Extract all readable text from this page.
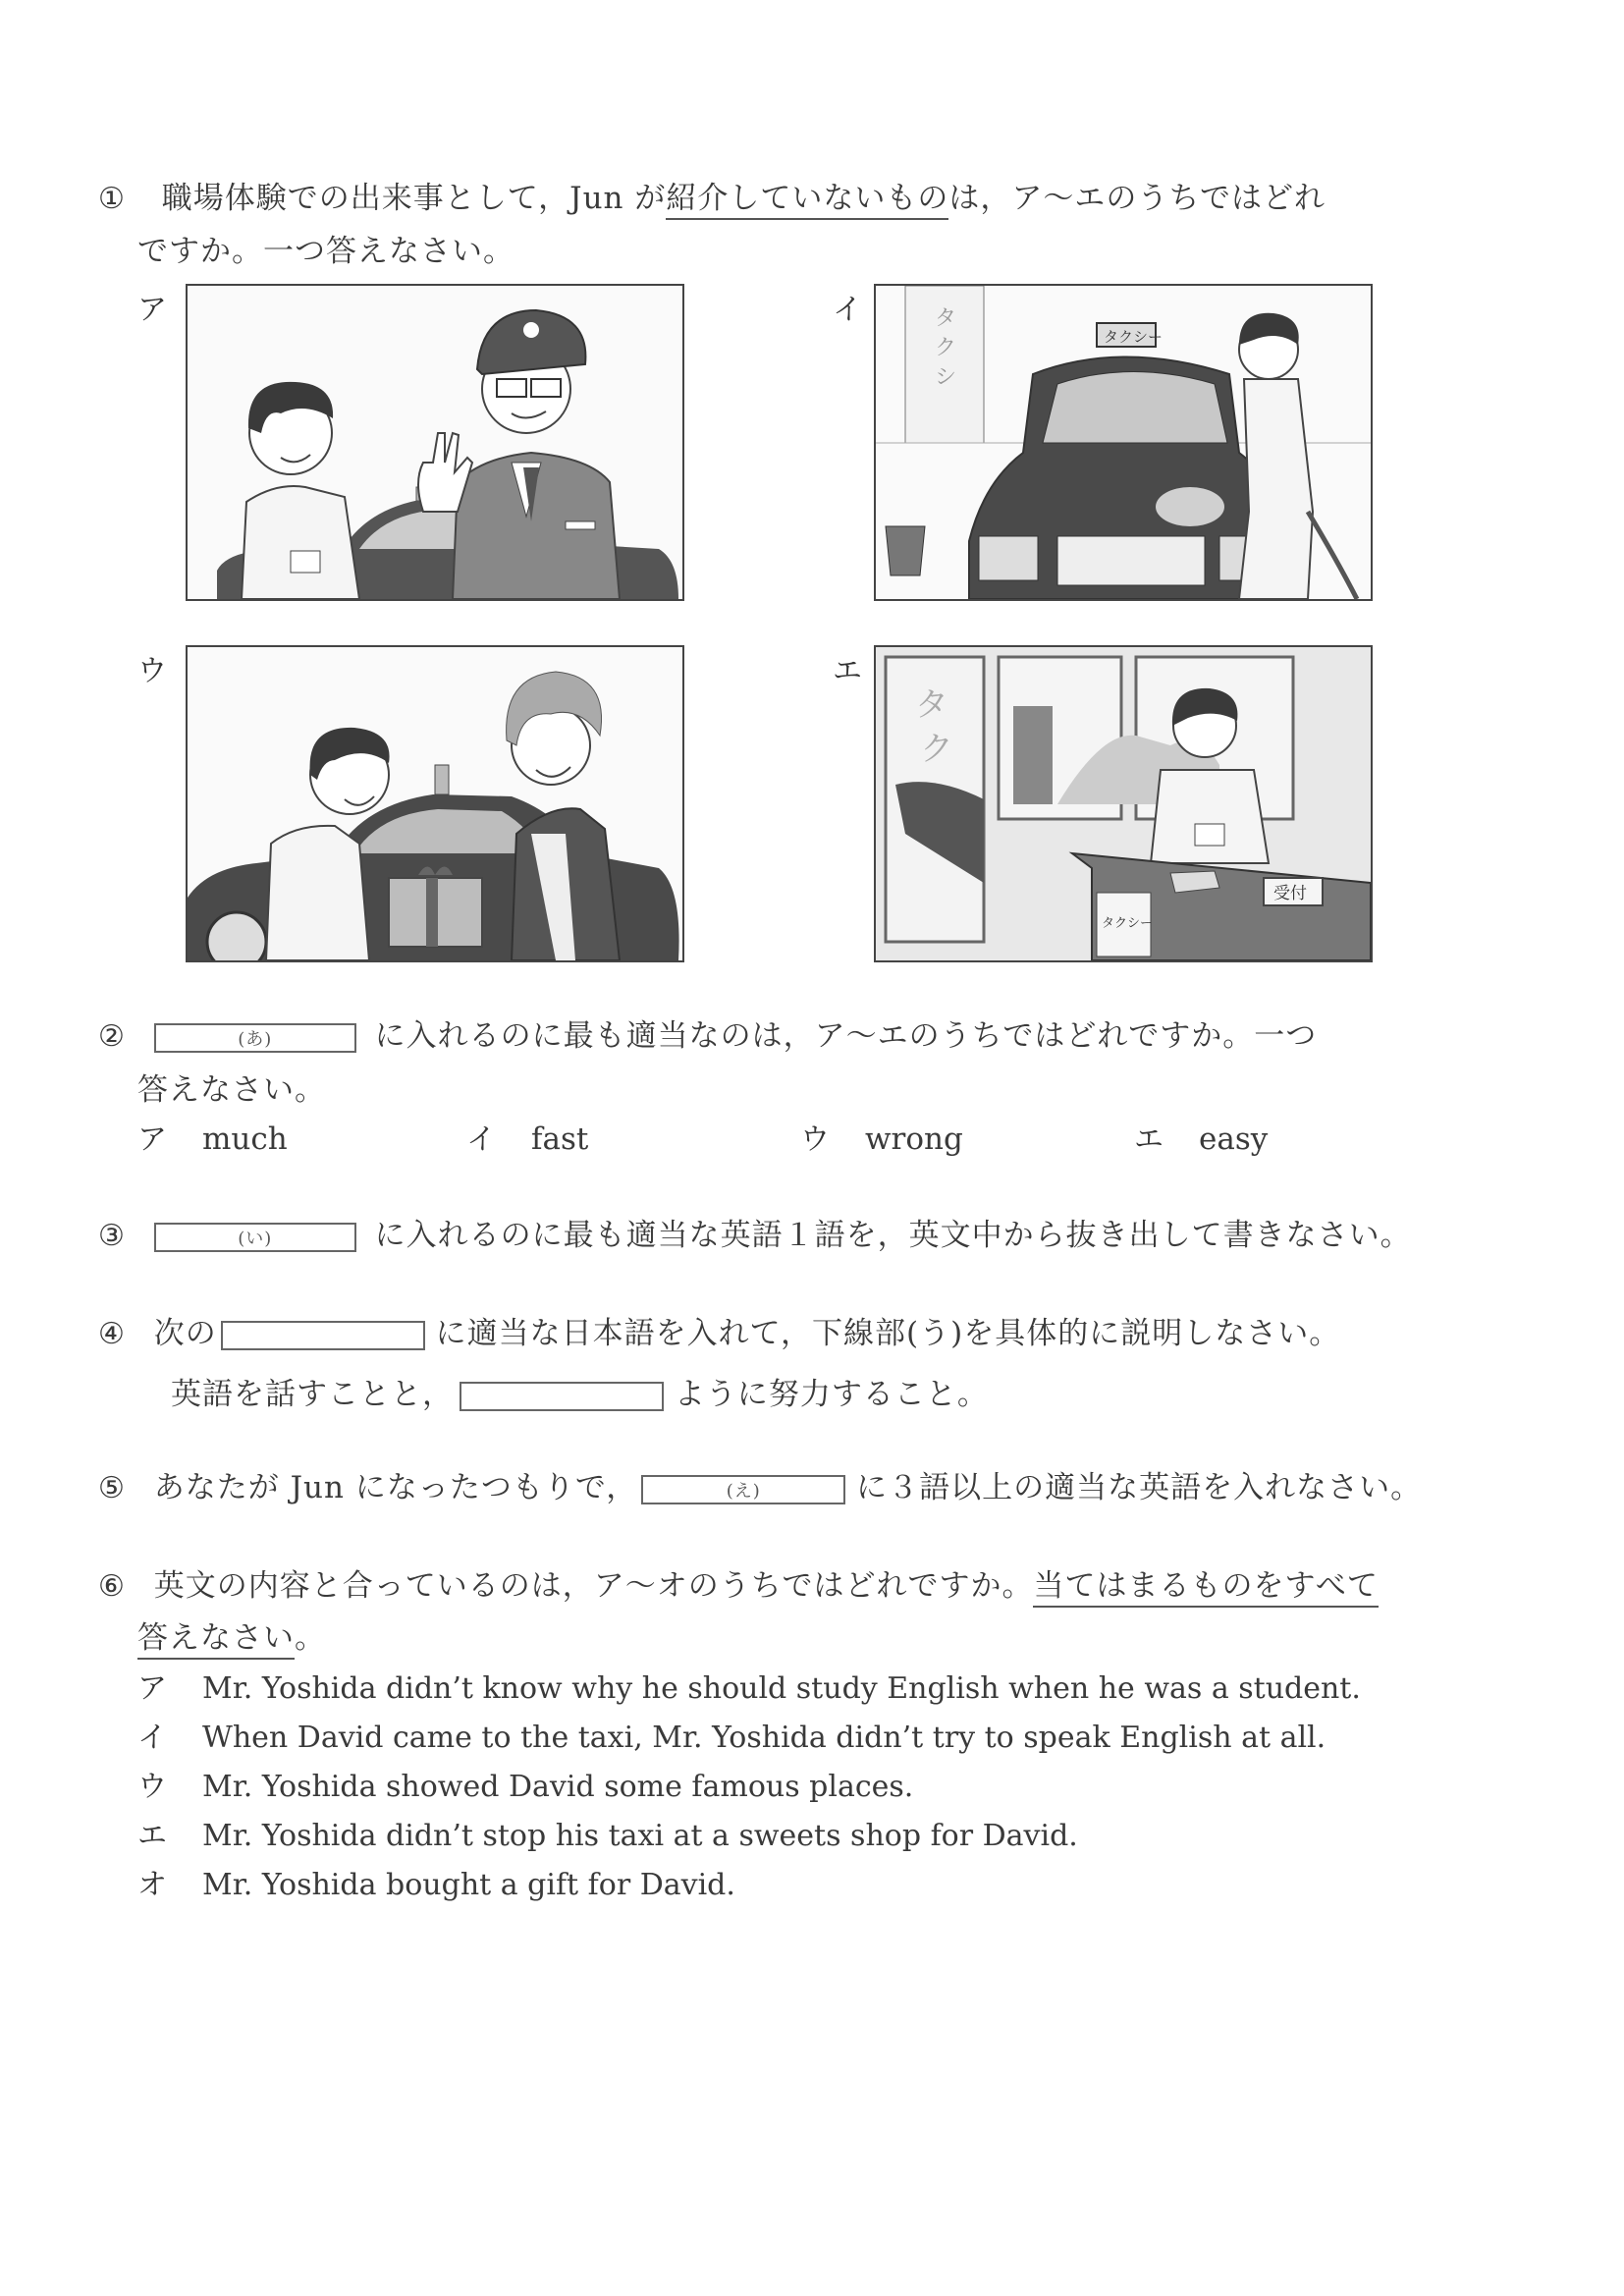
① 職場体験での出来事として，Jun が紹介していないものは，ア～エのうちではどれ
ですか。一つ答えなさい。
ア	イ
ウ	エ
タ
ク
シ
タクシー
タ
ク
タクシー
受付
②	(あ)	に入れるのに最も適当なのは，ア～エのうちではどれですか。一つ
答えなさい。
ア much	イ fast	ウ wrong	エ easy
③	(い)	に入れるのに最も適当な英語１語を，英文中から抜き出して書きなさい。
④ 次の	に適当な日本語を入れて，下線部(う)を具体的に説明しなさい。
英語を話すことと，	ように努力すること。
⑤ あなたが Jun になったつもりで，	(え)	に３語以上の適当な英語を入れなさい。
⑥ 英文の内容と合っているのは，ア～オのうちではどれですか。当てはまるものをすべて
答えなさい。
ア Mr. Yoshida didn’t know why he should study English when he was a student.
イ When David came to the taxi, Mr. Yoshida didn’t try to speak English at all.
ウ Mr. Yoshida showed David some famous places.
エ Mr. Yoshida didn’t stop his taxi at a sweets shop for David.
オ Mr. Yoshida bought a gift for David.
